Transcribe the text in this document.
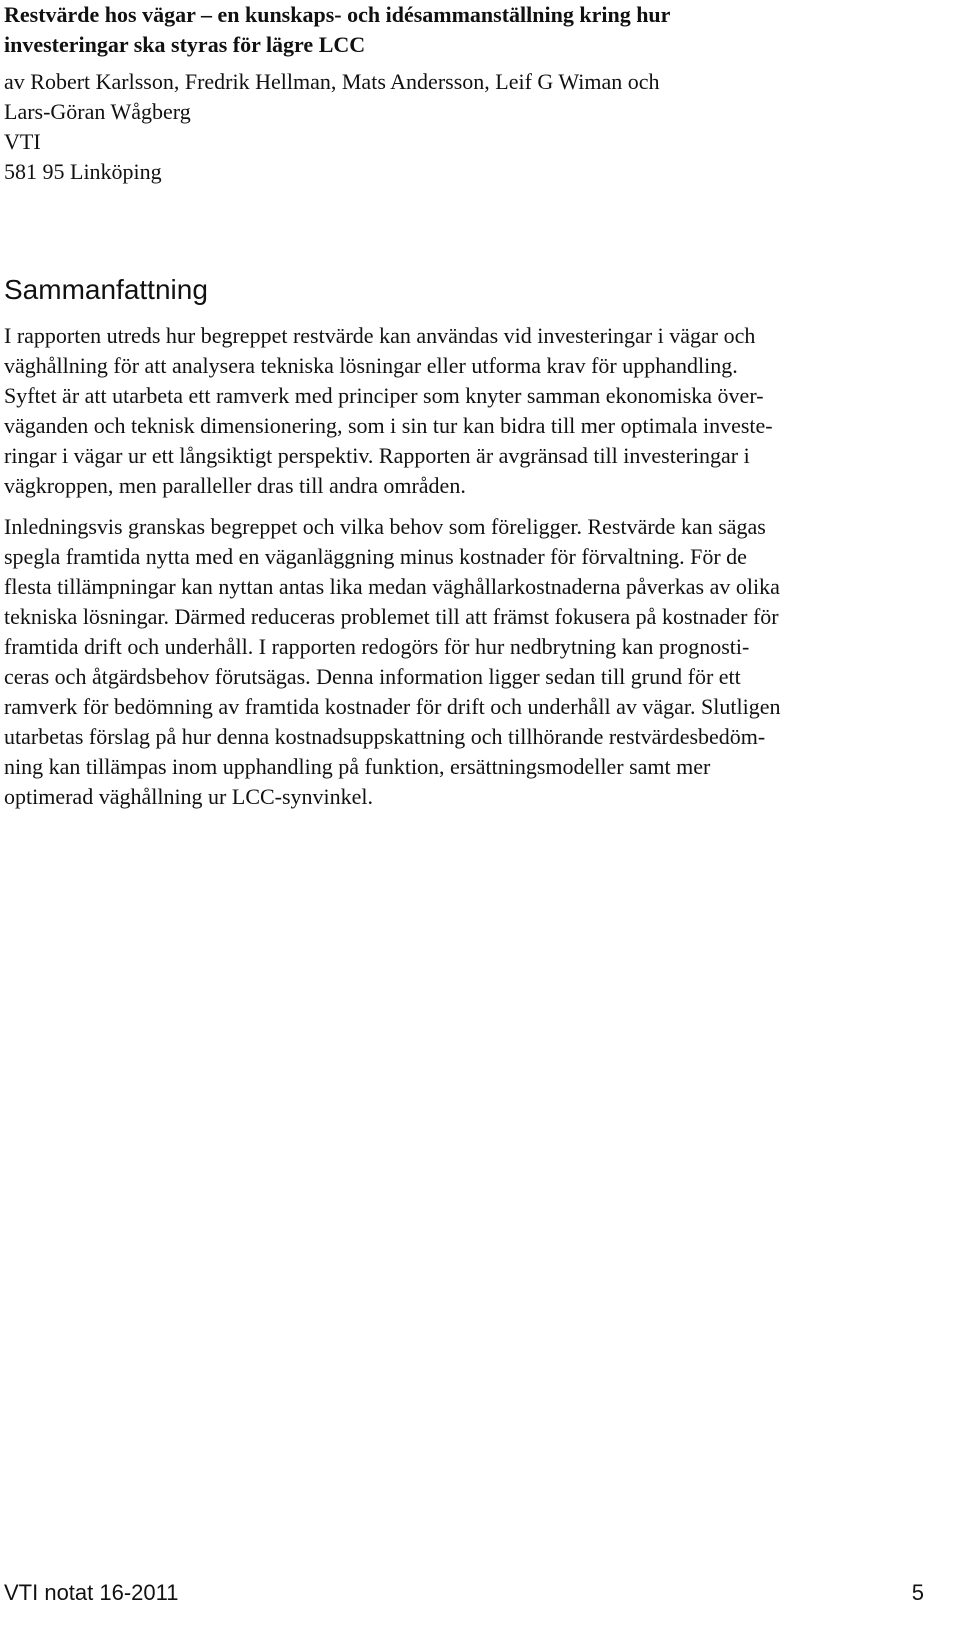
Restvärde hos vägar – en kunskaps- och idésammanställning kring hur
investeringar ska styras för lägre LCC
av Robert Karlsson, Fredrik Hellman, Mats Andersson, Leif G Wiman och
Lars-Göran Wågberg
VTI
581 95 Linköping
Sammanfattning
I rapporten utreds hur begreppet restvärde kan användas vid investeringar i vägar och
väghållning för att analysera tekniska lösningar eller utforma krav för upphandling.
Syftet är att utarbeta ett ramverk med principer som knyter samman ekonomiska över-
väganden och teknisk dimensionering, som i sin tur kan bidra till mer optimala investe-
ringar i vägar ur ett långsiktigt perspektiv. Rapporten är avgränsad till investeringar i
vägkroppen, men paralleller dras till andra områden.
Inledningsvis granskas begreppet och vilka behov som föreligger. Restvärde kan sägas
spegla framtida nytta med en väganläggning minus kostnader för förvaltning. För de
flesta tillämpningar kan nyttan antas lika medan väghållarkostnaderna påverkas av olika
tekniska lösningar. Därmed reduceras problemet till att främst fokusera på kostnader för
framtida drift och underhåll. I rapporten redogörs för hur nedbrytning kan prognosti-
ceras och åtgärdsbehov förutsägas. Denna information ligger sedan till grund för ett
ramverk för bedömning av framtida kostnader för drift och underhåll av vägar. Slutligen
utarbetas förslag på hur denna kostnadsuppskattning och tillhörande restvärdesbedöm-
ning kan tillämpas inom upphandling på funktion, ersättningsmodeller samt mer
optimerad väghållning ur LCC-synvinkel.
VTI notat 16-2011	5
